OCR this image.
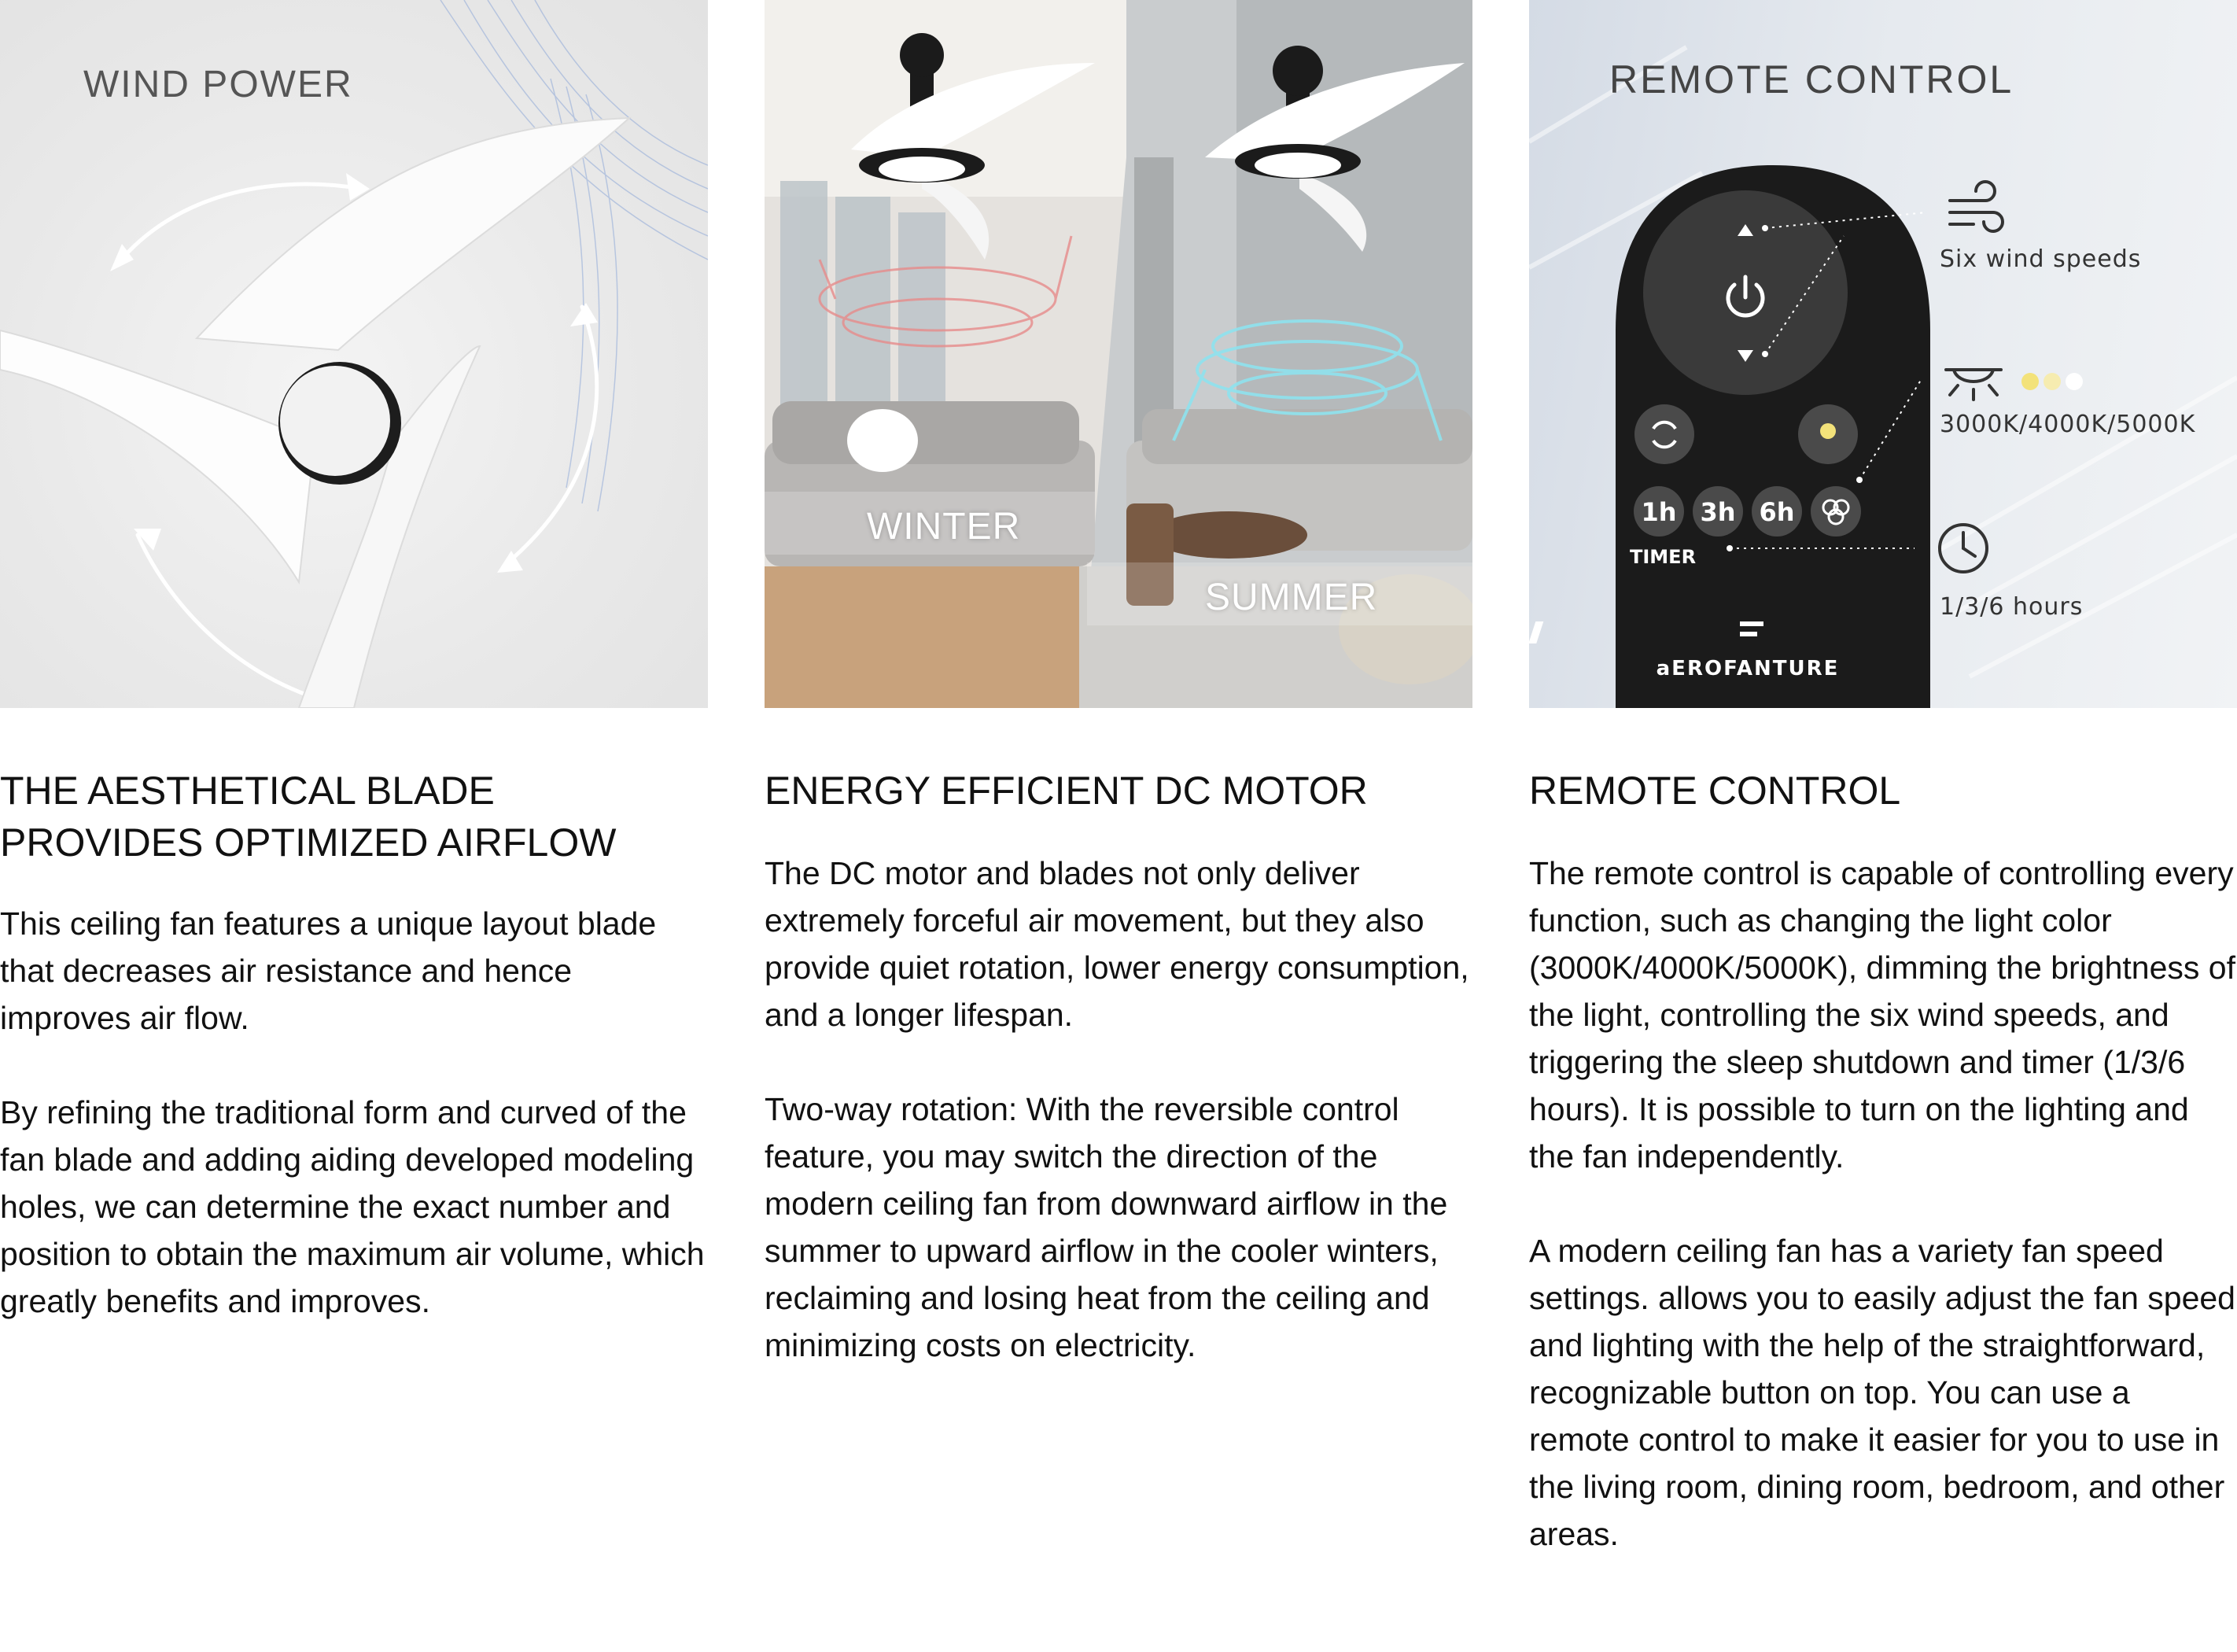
WIND POWER
THE AESTHETICAL BLADE PROVIDES OPTIMIZED AIRFLOW

This ceiling fan features a unique layout blade that decreases air resistance and hence improves air flow.

By refining the traditional form and curved of the fan blade and adding aiding developed modeling holes, we can determine the exact number and position to obtain the maximum air volume, which greatly benefits and improves.

WINTER
SUMMER
ENERGY EFFICIENT DC MOTOR

The DC motor and blades not only deliver extremely forceful air movement, but they also provide quiet rotation, lower energy consumption, and a longer lifespan.

Two-way rotation: With the reversible control feature, you may switch the direction of the modern ceiling fan from downward airflow in the summer to upward airflow in the cooler winters, reclaiming and losing heat from the ceiling and minimizing costs on electricity.

1h 3h 6h
TIMER
aEROFANTURE
REMOTE CONTROL
Six wind speeds
3000K/4000K/5000K
1/3/6 hours
REMOTE CONTROL

The remote control is capable of controlling every function, such as changing the light color (3000K/4000K/5000K), dimming the brightness of the light, controlling the six wind speeds, and triggering the sleep shutdown and timer (1/3/6 hours). It is possible to turn on the lighting and the fan independently.

A modern ceiling fan has a variety fan speed settings. allows you to easily adjust the fan speed and lighting with the help of the straightforward, recognizable button on top. You can use a remote control to make it easier for you to use in the living room, dining room, bedroom, and other areas.
